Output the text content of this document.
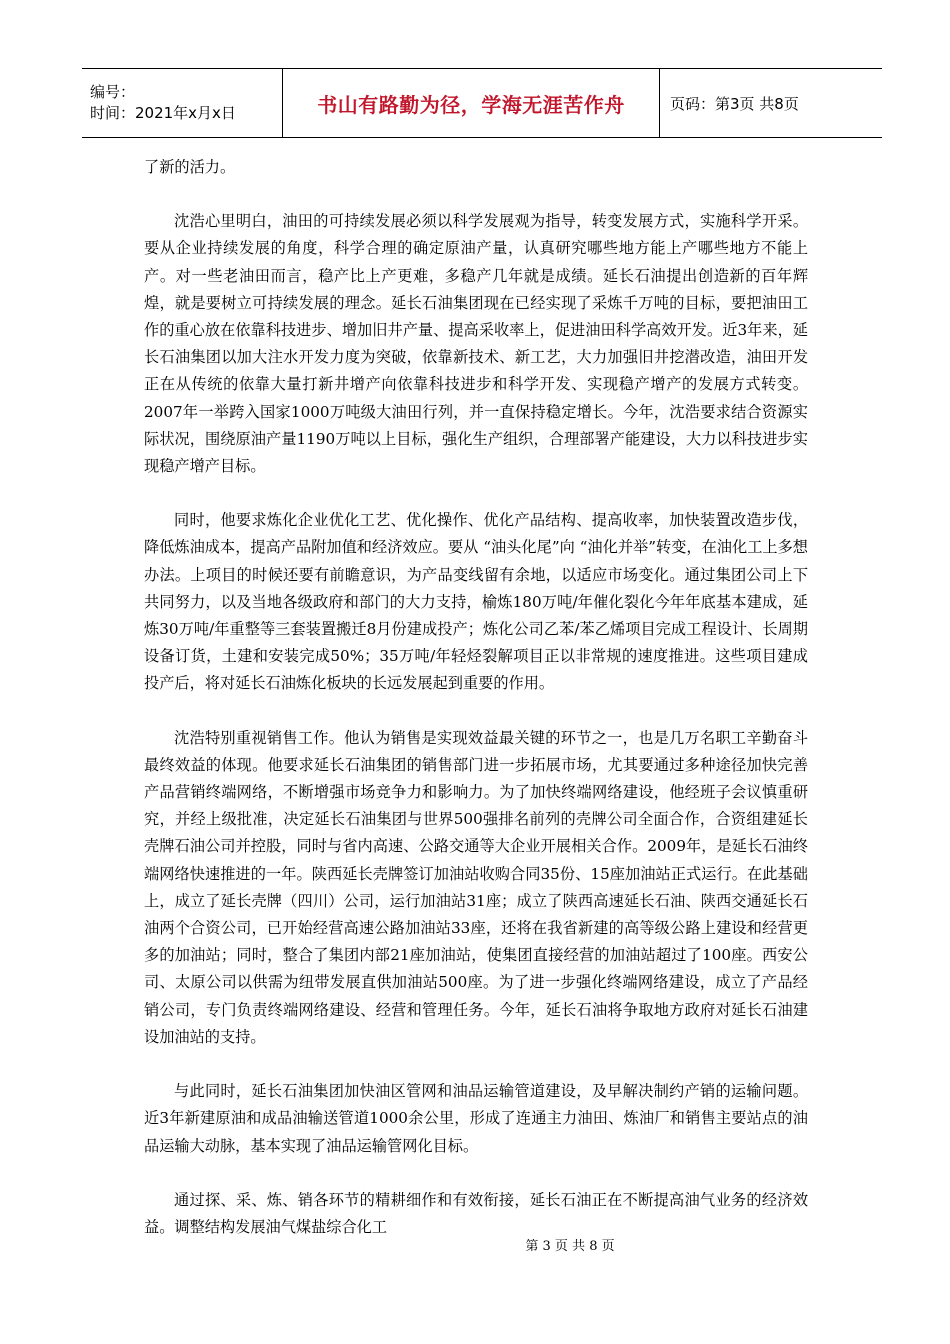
编号：
时间：2021年x月x日	书山有路勤为径，学海无涯苦作舟	页码：第3页 共8页

了新的活力。

沈浩心里明白，油田的可持续发展必须以科学发展观为指导，转变发展方式，实施科学开采。要从企业持续发展的角度，科学合理的确定原油产量，认真研究哪些地方能上产哪些地方不能上产。对一些老油田而言，稳产比上产更难，多稳产几年就是成绩。延长石油提出创造新的百年辉煌，就是要树立可持续发展的理念。延长石油集团现在已经实现了采炼千万吨的目标，要把油田工作的重心放在依靠科技进步、增加旧井产量、提高采收率上，促进油田科学高效开发。近3年来，延长石油集团以加大注水开发力度为突破，依靠新技术、新工艺，大力加强旧井挖潜改造，油田开发正在从传统的依靠大量打新井增产向依靠科技进步和科学开发、实现稳产增产的发展方式转变。2007年一举跨入国家1000万吨级大油田行列，并一直保持稳定增长。今年，沈浩要求结合资源实际状况，围绕原油产量1190万吨以上目标，强化生产组织，合理部署产能建设，大力以科技进步实现稳产增产目标。

同时，他要求炼化企业优化工艺、优化操作、优化产品结构、提高收率，加快装置改造步伐，降低炼油成本，提高产品附加值和经济效应。要从 “油头化尾”向 “油化并举”转变，在油化工上多想办法。上项目的时候还要有前瞻意识，为产品变线留有余地，以适应市场变化。通过集团公司上下共同努力，以及当地各级政府和部门的大力支持，榆炼180万吨/年催化裂化今年年底基本建成，延炼30万吨/年重整等三套装置搬迁8月份建成投产；炼化公司乙苯/苯乙烯项目完成工程设计、长周期设备订货，土建和安装完成50%；35万吨/年轻烃裂解项目正以非常规的速度推进。这些项目建成投产后，将对延长石油炼化板块的长远发展起到重要的作用。

沈浩特别重视销售工作。他认为销售是实现效益最关键的环节之一，也是几万名职工辛勤奋斗最终效益的体现。他要求延长石油集团的销售部门进一步拓展市场，尤其要通过多种途径加快完善产品营销终端网络，不断增强市场竞争力和影响力。为了加快终端网络建设，他经班子会议慎重研究，并经上级批准，决定延长石油集团与世界500强排名前列的壳牌公司全面合作，合资组建延长壳牌石油公司并控股，同时与省内高速、公路交通等大企业开展相关合作。2009年，是延长石油终端网络快速推进的一年。陕西延长壳牌签订加油站收购合同35份、15座加油站正式运行。在此基础上，成立了延长壳牌（四川）公司，运行加油站31座；成立了陕西高速延长石油、陕西交通延长石油两个合资公司，已开始经营高速公路加油站33座，还将在我省新建的高等级公路上建设和经营更多的加油站；同时，整合了集团内部21座加油站，使集团直接经营的加油站超过了100座。西安公司、太原公司以供需为纽带发展直供加油站500座。为了进一步强化终端网络建设，成立了产品经销公司，专门负责终端网络建设、经营和管理任务。今年，延长石油将争取地方政府对延长石油建设加油站的支持。

与此同时，延长石油集团加快油区管网和油品运输管道建设，及早解决制约产销的运输问题。近3年新建原油和成品油输送管道1000余公里，形成了连通主力油田、炼油厂和销售主要站点的油品运输大动脉，基本实现了油品运输管网化目标。

通过探、采、炼、销各环节的精耕细作和有效衔接，延长石油正在不断提高油气业务的经济效益。调整结构发展油气煤盐综合化工

第 3 页 共 8 页
